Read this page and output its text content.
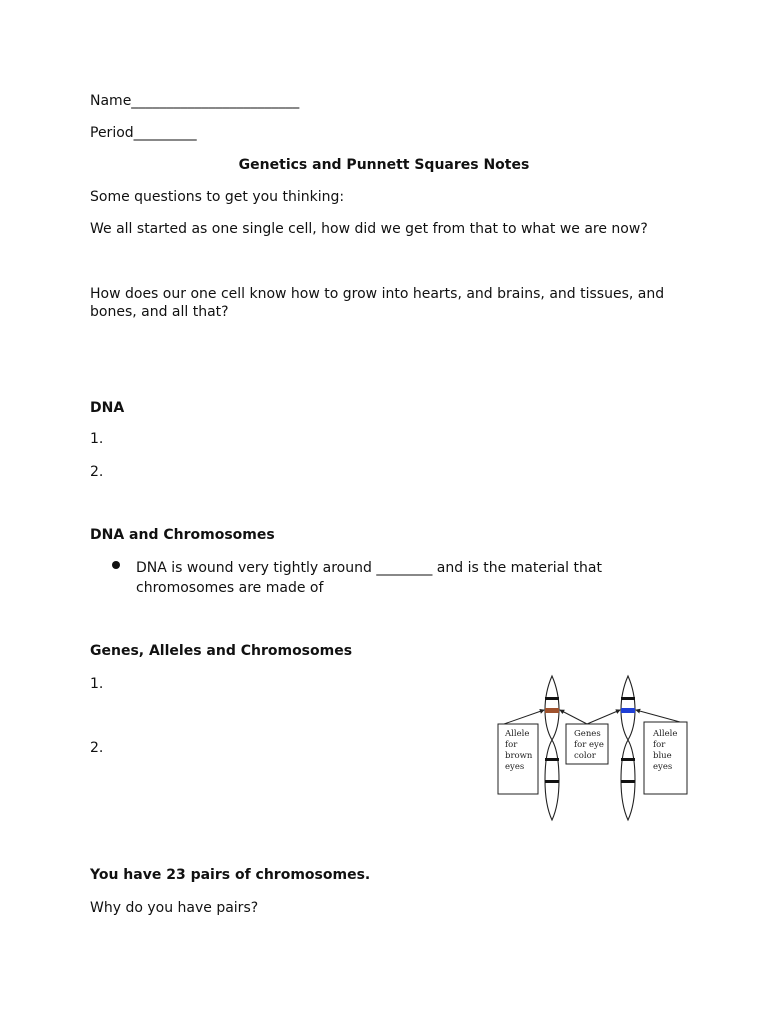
Name________________________
Period_________
Genetics and Punnett Squares Notes
Some questions to get you thinking:
We all started as one single cell, how did we get from that to what we are now?
How does our one cell know how to grow into hearts, and brains, and tissues, and bones, and all that?
DNA
1.
2.
DNA and Chromosomes
DNA is wound very tightly around ________ and is the material that chromosomes are made of
Genes, Alleles and Chromosomes
1.
2.
Allele
for
brown
eyes
Genes
for eye
color
Allele
for
blue
eyes
You have 23 pairs of chromosomes.
Why do you have pairs?
